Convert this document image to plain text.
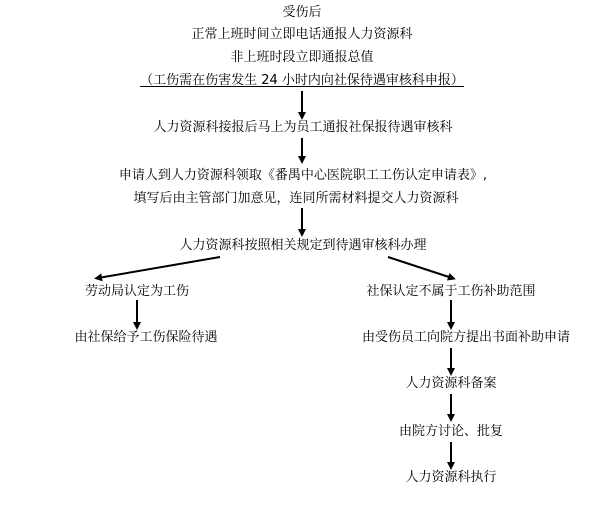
受伤后
正常上班时间立即电话通报人力资源科
非上班时段立即通报总值
（工伤需在伤害发生 24 小时内向社保待遇审核科申报）
人力资源科接报后马上为员工通报社保报待遇审核科
申请人到人力资源科领取《番禺中心医院职工工伤认定申请表》,
填写后由主管部门加意见，连同所需材料提交人力资源科
人力资源科按照相关规定到待遇审核科办理
劳动局认定为工伤
由社保给予工伤保险待遇
社保认定不属于工伤补助范围
由受伤员工向院方提出书面补助申请
人力资源科备案
由院方讨论、批复
人力资源科执行
